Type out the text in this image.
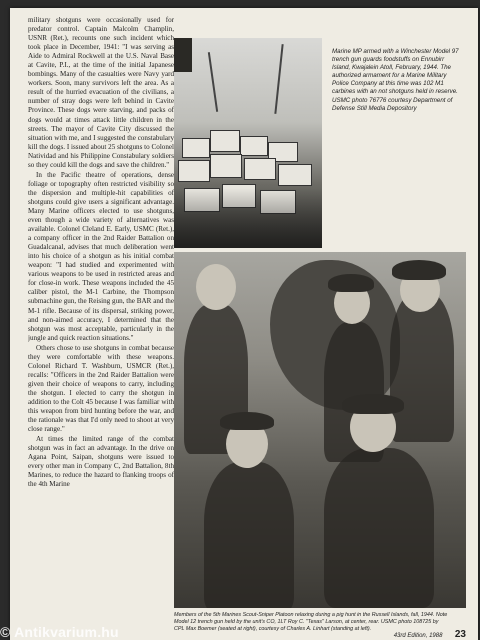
military shotguns were occasionally used for predator control. Captain Malcolm Champlin, USNR (Ret.), recounts one such incident which took place in December, 1941: "I was serving as Aide to Admiral Rockwell at the U.S. Naval Base at Cavite, P.I., at the time of the initial Japanese bombings. Many of the casualties were Navy yard workers. Soon, many survivors left the area. As a result of the hurried evacuation of the civilians, a number of stray dogs were left behind in Cavite Province. These dogs were starving, and packs of dogs would at times attack little children in the streets. The mayor of Cavite City discussed the situation with me, and I suggested the constabulary kill the dogs. I issued about 25 shotguns to Colonel Natividad and his Philippine Constabulary soldiers so they could kill the dogs and save the children."

In the Pacific theatre of operations, dense foliage or topography often restricted visibility so the dispersion and multiple-hit capabilities of shotguns could give users a significant advantage. Many Marine officers elected to use shotguns, even though a wide variety of alternatives was available. Colonel Cleland E. Early, USMC (Ret.), a company officer in the 2nd Raider Battalion on Guadalcanal, advises that much deliberation went into his choice of a shotgun as his initial combat weapon: "I had studied and experimented with various weapons to be used in restricted areas and for close-in work. These weapons included the 45 caliber pistol, the M-1 Carbine, the Thompson submachine gun, the Reising gun, the BAR and the M-1 rifle. Because of its dispersal, striking power, and non-aimed accuracy, I determined that the shotgun was most acceptable, particularly in the jungle and quick reaction situations."

Others chose to use shotguns in combat because they were comfortable with these weapons. Colonel Richard T. Washburn, USMCR (Ret.), recalls: "Officers in the 2nd Raider Battalion were given their choice of weapons to carry, including the shotgun. I elected to carry the shotgun in addition to the Colt 45 because I was familiar with this weapon from bird hunting before the war, and the rationale was that I'd only need to shoot at very close range."

At times the limited range of the combat shotgun was in fact an advantage. In the drive on Agana Point, Saipan, shotguns were issued to every other man in Company C, 2nd Battalion, 8th Marines, to reduce the hazard to flanking troops of the 4th Marine

Marine MP armed with a Winchester Model 97 trench gun guards foodstuffs on Ennubirr Island, Kwajalein Atoll, February, 1944. The authorized armament for a Marine Military Police Company at this time was 102 M1 carbines with an not shotguns held in reserve. USMC photo 76776 courtesy Department of Defense Still Media Depository

Members of the 5th Marines Scout-Sniper Platoon relaxing during a pig hunt in the Russell Islands, fall, 1944. Note Model 12 trench gun held by the unit's CO, 1LT Roy C. "Texas" Larson, at center, rear. USMC photo 108725 by CPL Max Boemer (seated at right), courtesy of Charles A. Linhart (standing at left).

43rd Edition, 1988 23
© Antikvarium.hu
